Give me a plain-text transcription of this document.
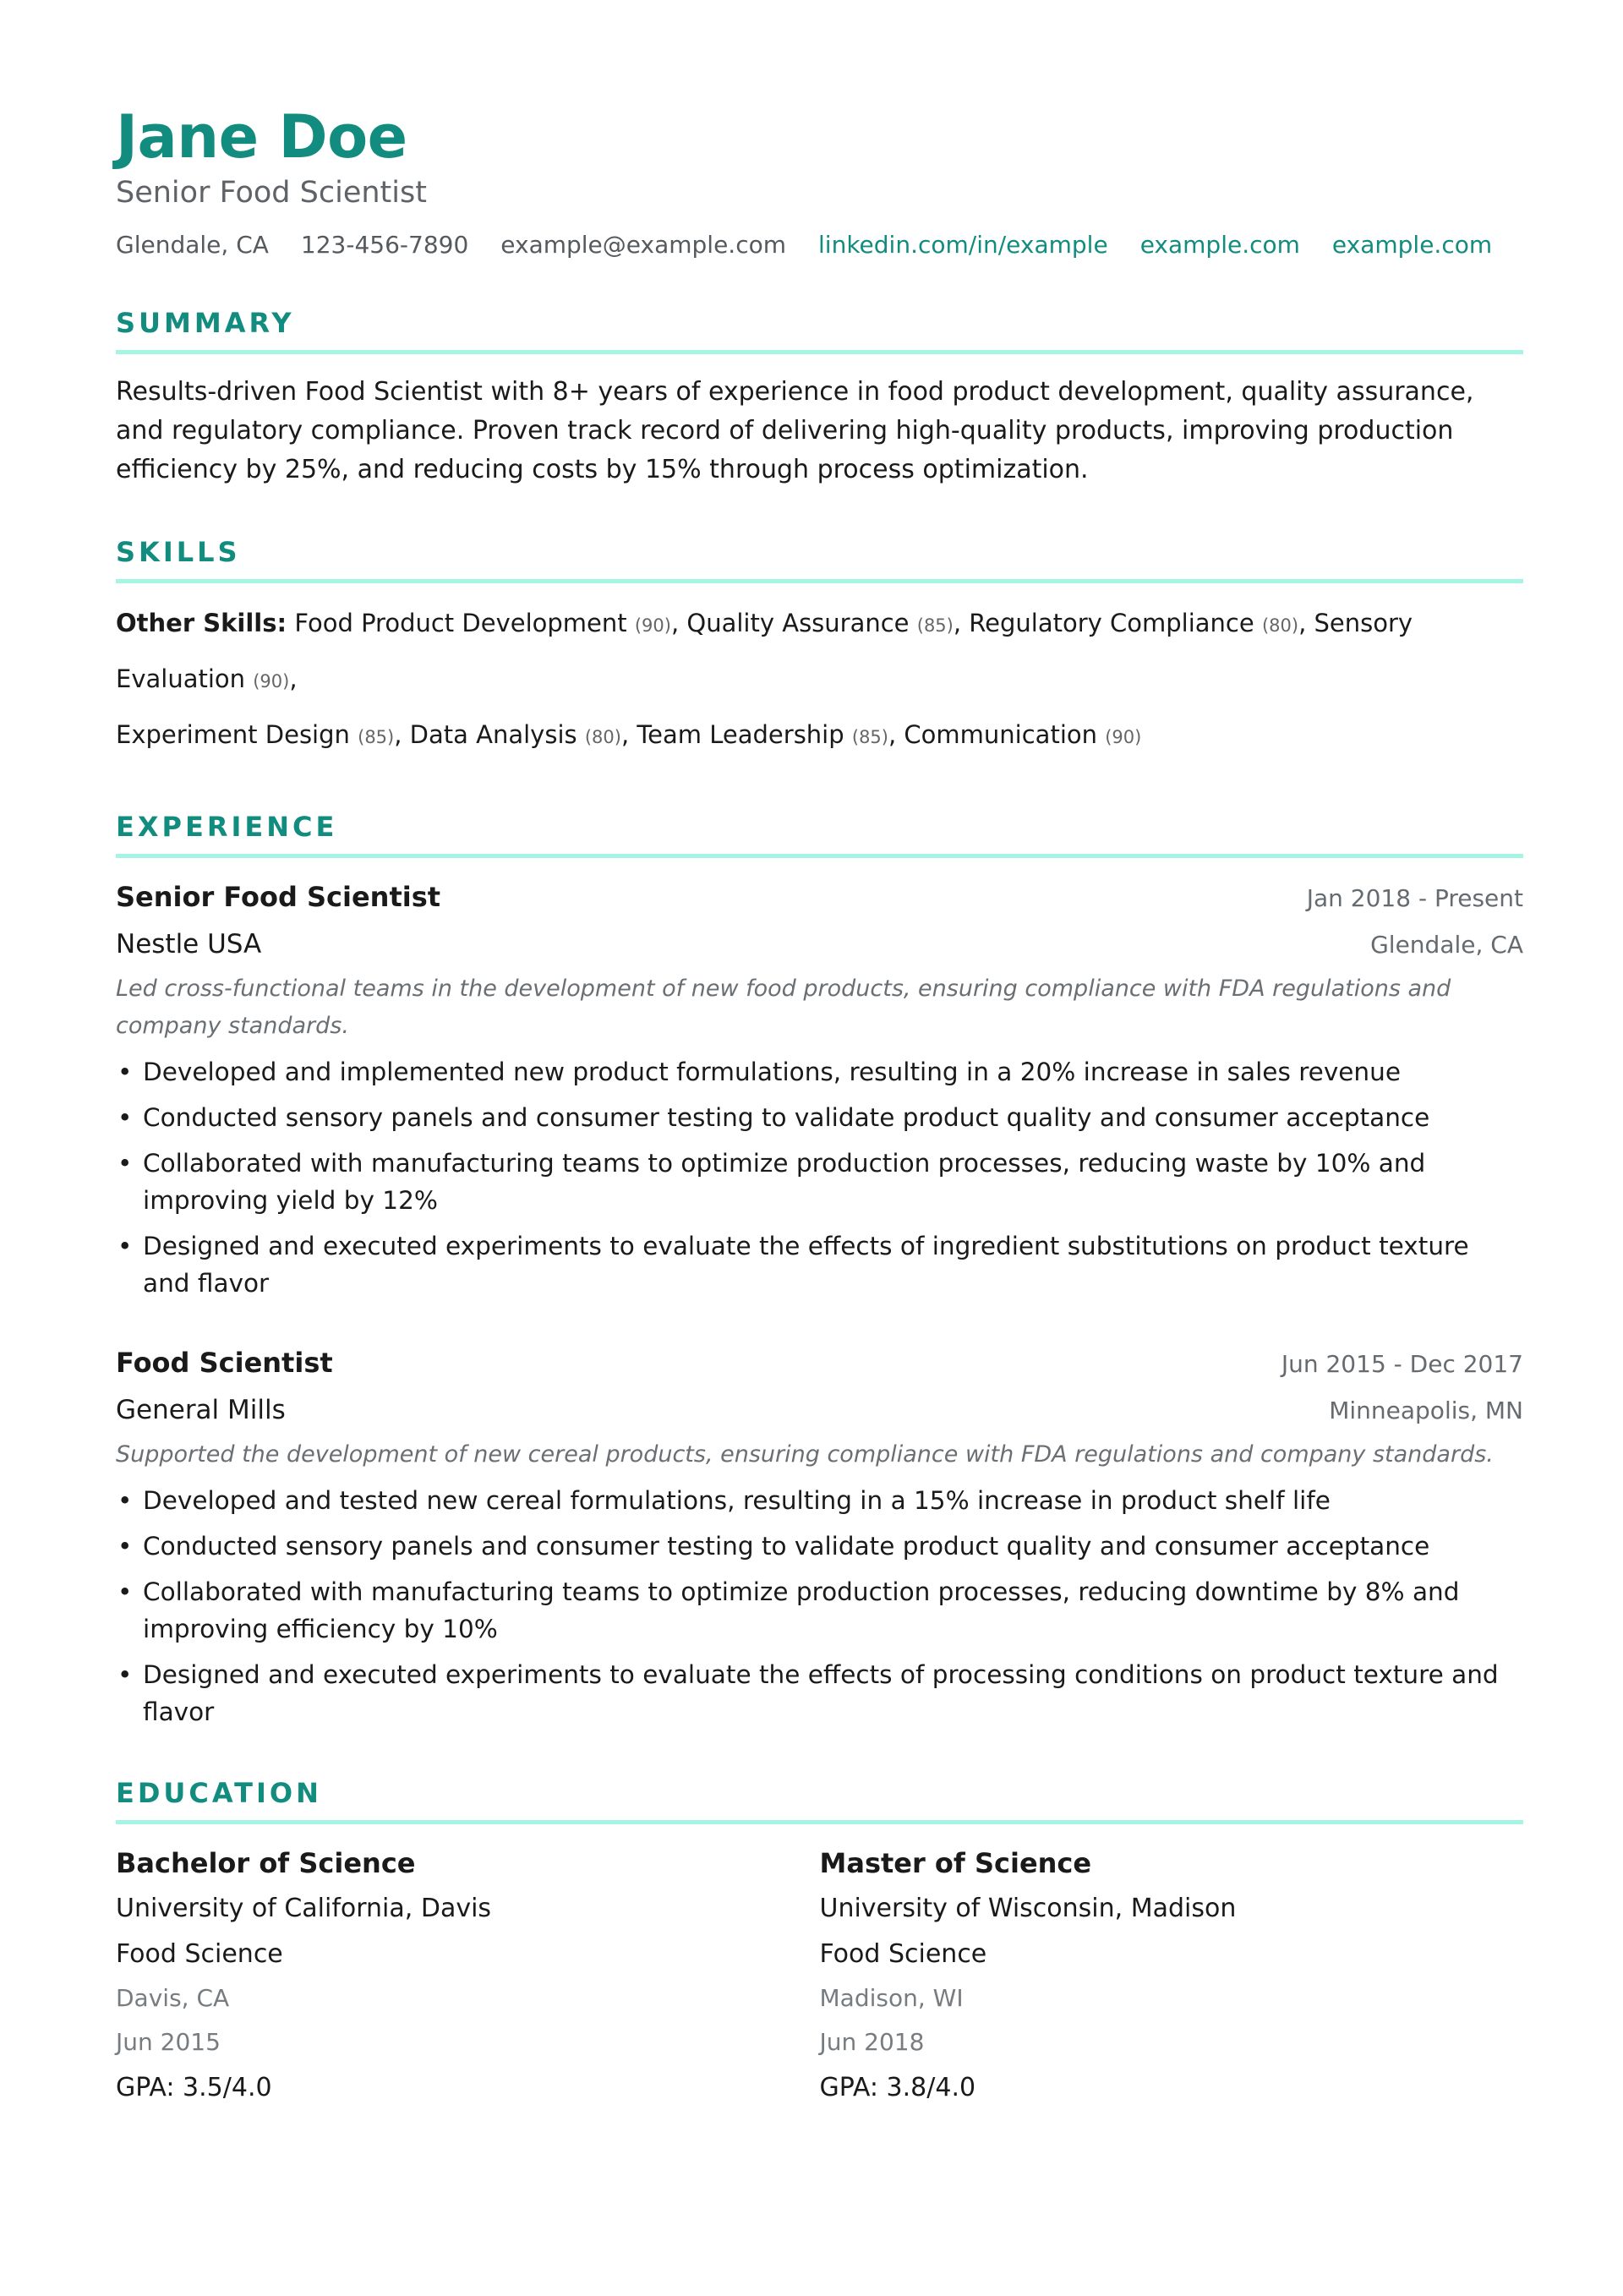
Jane Doe
Senior Food Scientist
Glendale, CA 123-456-7890 example@example.com linkedin.com/in/example example.com example.com
SUMMARY
Results-driven Food Scientist with 8+ years of experience in food product development, quality assurance, and regulatory compliance. Proven track record of delivering high-quality products, improving production efficiency by 25%, and reducing costs by 15% through process optimization.
SKILLS
Other Skills: Food Product Development (90), Quality Assurance (85), Regulatory Compliance (80), Sensory Evaluation (90),
Experiment Design (85), Data Analysis (80), Team Leadership (85), Communication (90)
EXPERIENCE
Senior Food Scientist	Jan 2018 - Present
Nestle USA	Glendale, CA
Led cross-functional teams in the development of new food products, ensuring compliance with FDA regulations and company standards.
• Developed and implemented new product formulations, resulting in a 20% increase in sales revenue
• Conducted sensory panels and consumer testing to validate product quality and consumer acceptance
• Collaborated with manufacturing teams to optimize production processes, reducing waste by 10% and improving yield by 12%
• Designed and executed experiments to evaluate the effects of ingredient substitutions on product texture and flavor
Food Scientist	Jun 2015 - Dec 2017
General Mills	Minneapolis, MN
Supported the development of new cereal products, ensuring compliance with FDA regulations and company standards.
• Developed and tested new cereal formulations, resulting in a 15% increase in product shelf life
• Conducted sensory panels and consumer testing to validate product quality and consumer acceptance
• Collaborated with manufacturing teams to optimize production processes, reducing downtime by 8% and improving efficiency by 10%
• Designed and executed experiments to evaluate the effects of processing conditions on product texture and flavor
EDUCATION
Bachelor of Science
University of California, Davis
Food Science
Davis, CA
Jun 2015
GPA: 3.5/4.0
Master of Science
University of Wisconsin, Madison
Food Science
Madison, WI
Jun 2018
GPA: 3.8/4.0
